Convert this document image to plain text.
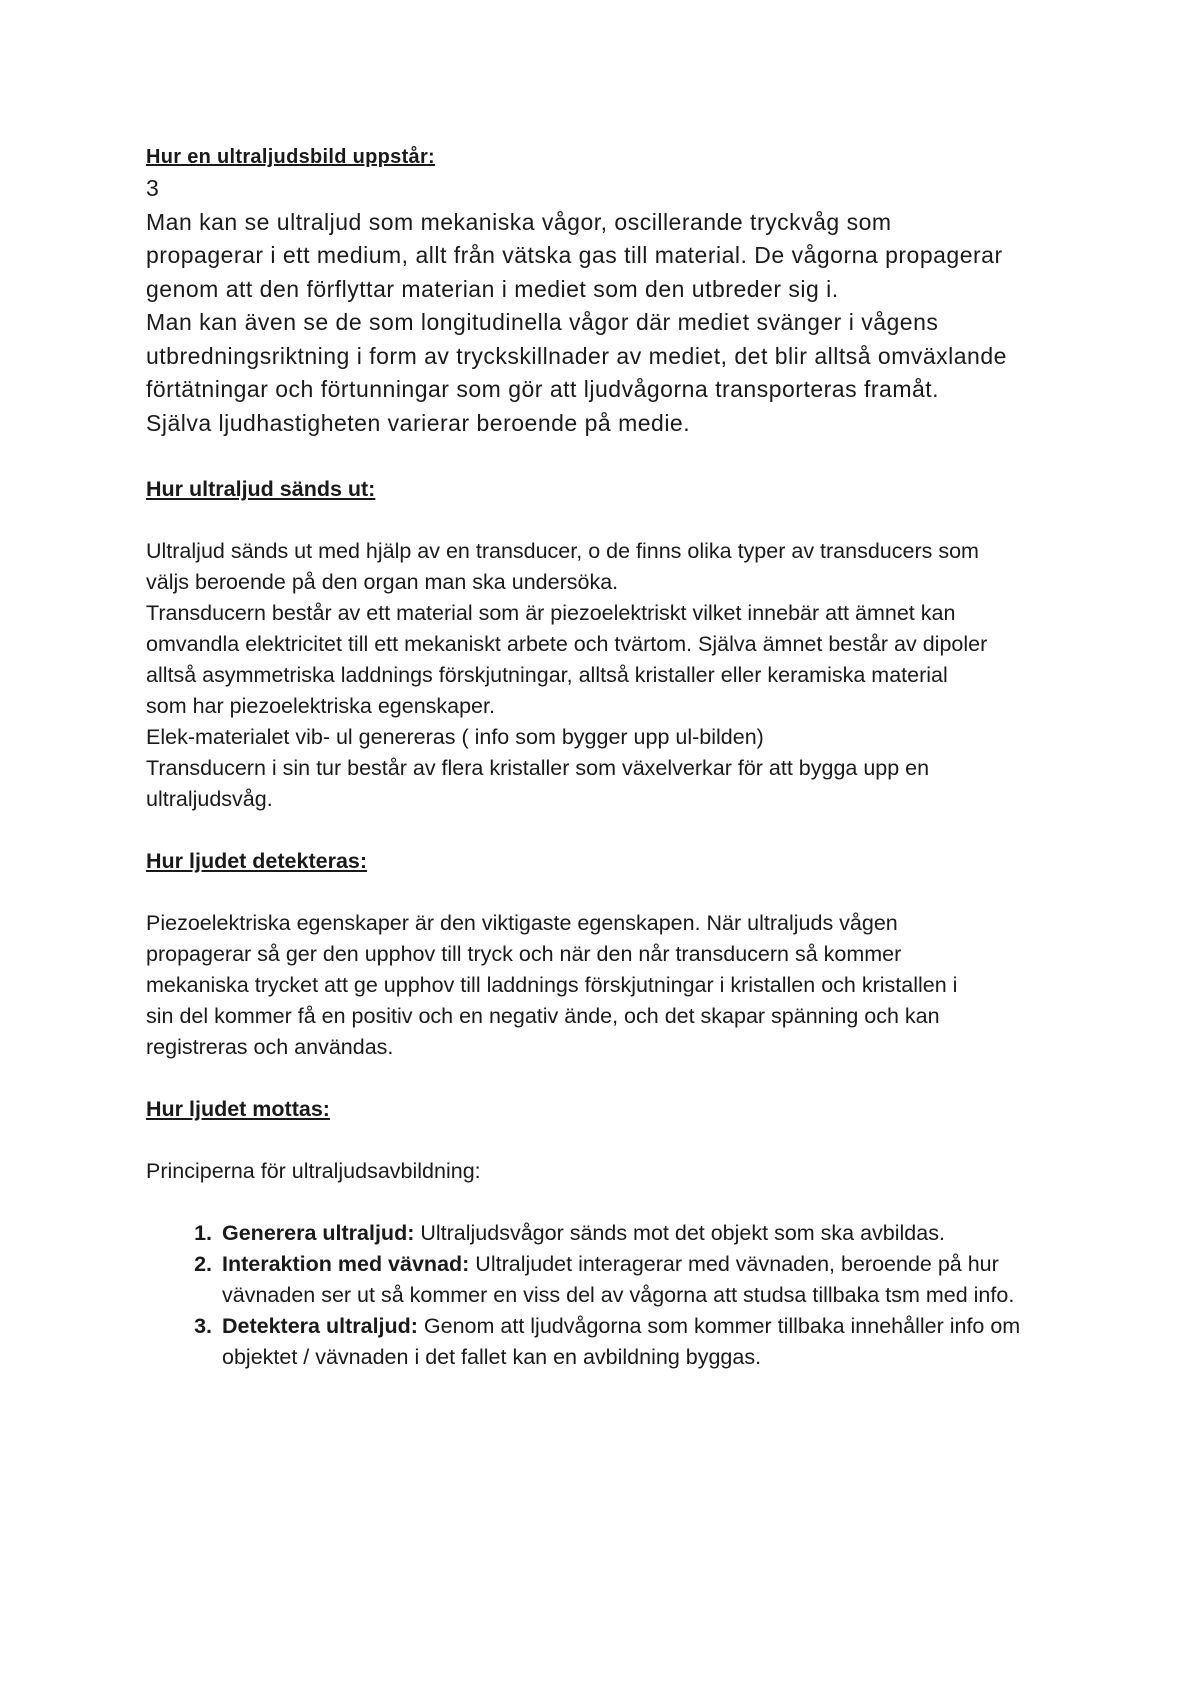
Hur en ultraljudsbild uppstår:

3

Man kan se ultraljud som mekaniska vågor, oscillerande tryckvåg som

propagerar i ett medium, allt från vätska gas till material. De vågorna propagerar

genom att den förflyttar materian i mediet som den utbreder sig i.

Man kan även se de som longitudinella vågor där mediet svänger i vågens

utbredningsriktning i form av tryckskillnader av mediet, det blir alltså omväxlande

förtätningar och förtunningar som gör att ljudvågorna transporteras framåt.

Själva ljudhastigheten varierar beroende på medie.

Hur ultraljud sänds ut:

Ultraljud sänds ut med hjälp av en transducer, o de finns olika typer av transducers som

väljs beroende på den organ man ska undersöka.

Transducern består av ett material som är piezoelektriskt vilket innebär att ämnet kan

omvandla elektricitet till ett mekaniskt arbete och tvärtom. Själva ämnet består av dipoler

alltså asymmetriska laddnings förskjutningar, alltså kristaller eller keramiska material

som har piezoelektriska egenskaper.

Elek-materialet vib- ul genereras ( info som bygger upp ul-bilden)

Transducern i sin tur består av flera kristaller som växelverkar för att bygga upp en

ultraljudsvåg.

Hur ljudet detekteras:

Piezoelektriska egenskaper är den viktigaste egenskapen. När ultraljuds vågen

propagerar så ger den upphov till tryck och när den når transducern så kommer

mekaniska trycket att ge upphov till laddnings förskjutningar i kristallen och kristallen i

sin del kommer få en positiv och en negativ ände, och det skapar spänning och kan

registreras och användas.

Hur ljudet mottas:

Principerna för ultraljudsavbildning:

1. Generera ultraljud: Ultraljudsvågor sänds mot det objekt som ska avbildas.
2. Interaktion med vävnad: Ultraljudet interagerar med vävnaden, beroende på hur vävnaden ser ut så kommer en viss del av vågorna att studsa tillbaka tsm med info.
3. Detektera ultraljud: Genom att ljudvågorna som kommer tillbaka innehåller info om objektet / vävnaden i det fallet kan en avbildning byggas.
